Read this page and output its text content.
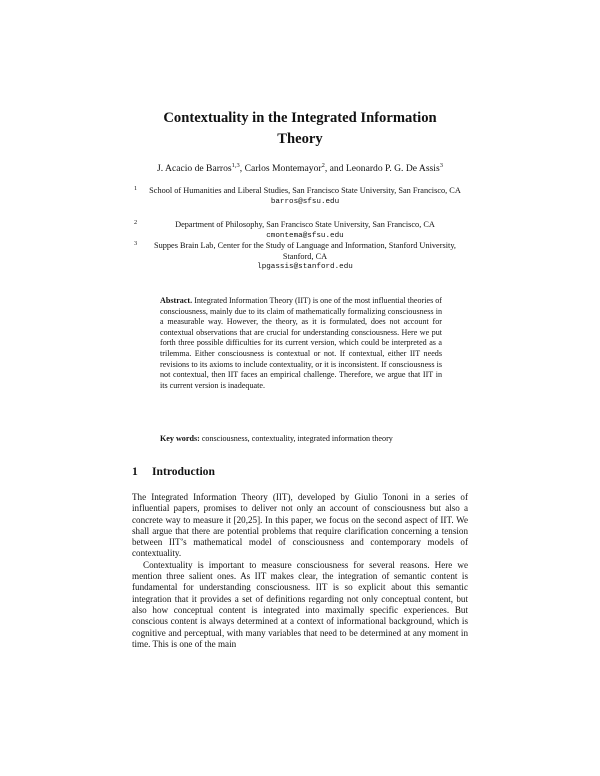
Contextuality in the Integrated Information
Theory
J. Acacio de Barros$^{1,3}$, Carlos Montemayor$^2$, and Leonardo P. G. De Assis$^3$
1 School of Humanities and Liberal Studies, San Francisco State University, San Francisco, CA
barros@sfsu.edu
2	Department of Philosophy, San Francisco State University, San Francisco, CA
cmontema@sfsu.edu
3 Suppes Brain Lab, Center for the Study of Language and Information, Stanford University, Stanford, CA
lpgassis@stanford.edu
Abstract. Integrated Information Theory (IIT) is one of the most influential theories of consciousness, mainly due to its claim of mathematically formalizing consciousness in a measurable way. However, the theory, as it is formulated, does not account for contextual observations that are crucial for understanding consciousness. Here we put forth three possible difficulties for its current version, which could be interpreted as a trilemma. Either consciousness is contextual or not. If contextual, either IIT needs revisions to its axioms to include contextuality, or it is inconsistent. If consciousness is not contextual, then IIT faces an empirical challenge. Therefore, we argue that IIT in its current version is inadequate.
Key words: consciousness, contextuality, integrated information theory
1 Introduction

The Integrated Information Theory (IIT), developed by Giulio Tononi in a series of influential papers, promises to deliver not only an account of consciousness but also a concrete way to measure it [20,25]. In this paper, we focus on the second aspect of IIT. We shall argue that there are potential problems that require clarification concerning a tension between IIT’s mathematical model of consciousness and contemporary models of contextuality.

Contextuality is important to measure consciousness for several reasons. Here we mention three salient ones. As IIT makes clear, the integration of semantic content is fundamental for understanding consciousness. IIT is so explicit about this semantic integration that it provides a set of definitions regarding not only conceptual content, but also how conceptual content is integrated into maximally specific experiences. But conscious content is always determined at a context of informational background, which is cognitive and perceptual, with many variables that need to be determined at any moment in time. This is one of the main
